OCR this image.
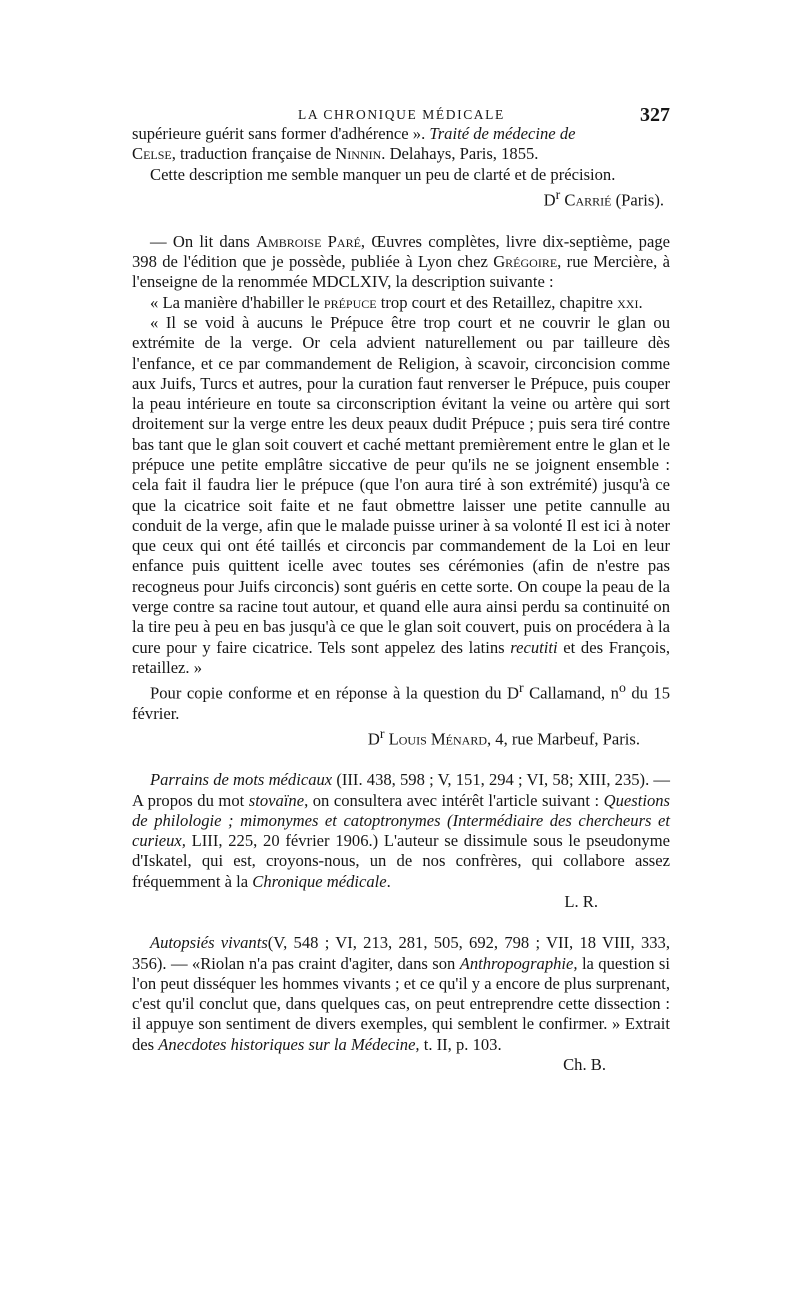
LA CHRONIQUE MÉDICALE	327

supérieure guérit sans former d'adhérence ». Traité de médecine de
Celse, traduction française de Ninnin. Delahays, Paris, 1855.

Cette description me semble manquer un peu de clarté et de précision.

$D^r$ Carrié (Paris).

— On lit dans Ambroise Paré, Œuvres complètes, livre dix-septième, page 398 de l'édition que je possède, publiée à Lyon chez Grégoire, rue Mercière, à l'enseigne de la renommée MDCLXIV, la description suivante :

« La manière d'habiller le prépuce trop court et des Retaillez, chapitre xxi.

« Il se void à aucuns le Prépuce être trop court et ne couvrir le glan ou extrémite de la verge. Or cela advient naturellement ou par tailleure dès l'enfance, et ce par commandement de Religion, à scavoir, circoncision comme aux Juifs, Turcs et autres, pour la curation faut renverser le Prépuce, puis couper la peau intérieure en toute sa circonscription évitant la veine ou artère qui sort droitement sur la verge entre les deux peaux dudit Prépuce ; puis sera tiré contre bas tant que le glan soit couvert et caché mettant premièrement entre le glan et le prépuce une petite emplâtre siccative de peur qu'ils ne se joignent ensemble : cela fait il faudra lier le prépuce (que l'on aura tiré à son extrémité) jusqu'à ce que la cicatrice soit faite et ne faut obmettre laisser une petite cannulle au conduit de la verge, afin que le malade puisse uriner à sa volonté Il est ici à noter que ceux qui ont été taillés et circoncis par commandement de la Loi en leur enfance puis quittent icelle avec toutes ses cérémonies (afin de n'estre pas recogneus pour Juifs circoncis) sont guéris en cette sorte. On coupe la peau de la verge contre sa racine tout autour, et quand elle aura ainsi perdu sa continuité on la tire peu à peu en bas jusqu'à ce que le glan soit couvert, puis on procédera à la cure pour y faire cicatrice. Tels sont appelez des latins recutiti et des François, retaillez. »

Pour copie conforme et en réponse à la question du $D^r$ Callamand, $n^o$ du 15 février.

$D^r$ Louis Ménard, 4, rue Marbeuf, Paris.

Parrains de mots médicaux (III. 438, 598 ; V, 151, 294 ; VI, 58; XIII, 235). — A propos du mot stovaïne, on consultera avec intérêt l'article suivant : Questions de philologie ; mimonymes et catoptronymes (Intermédiaire des chercheurs et curieux, LIII, 225, 20 février 1906.) L'auteur se dissimule sous le pseudonyme d'Iskatel, qui est, croyons-nous, un de nos confrères, qui collabore assez fréquemment à la Chronique médicale.

L. R.

Autopsiés vivants(V, 548 ; VI, 213, 281, 505, 692, 798 ; VII, 18 VIII, 333, 356). — «Riolan n'a pas craint d'agiter, dans son Anthropographie, la question si l'on peut disséquer les hommes vivants ; et ce qu'il y a encore de plus surprenant, c'est qu'il conclut que, dans quelques cas, on peut entreprendre cette dissection : il appuye son sentiment de divers exemples, qui semblent le confirmer. » Extrait des Anecdotes historiques sur la Médecine, t. II, p. 103.

Ch. B.
